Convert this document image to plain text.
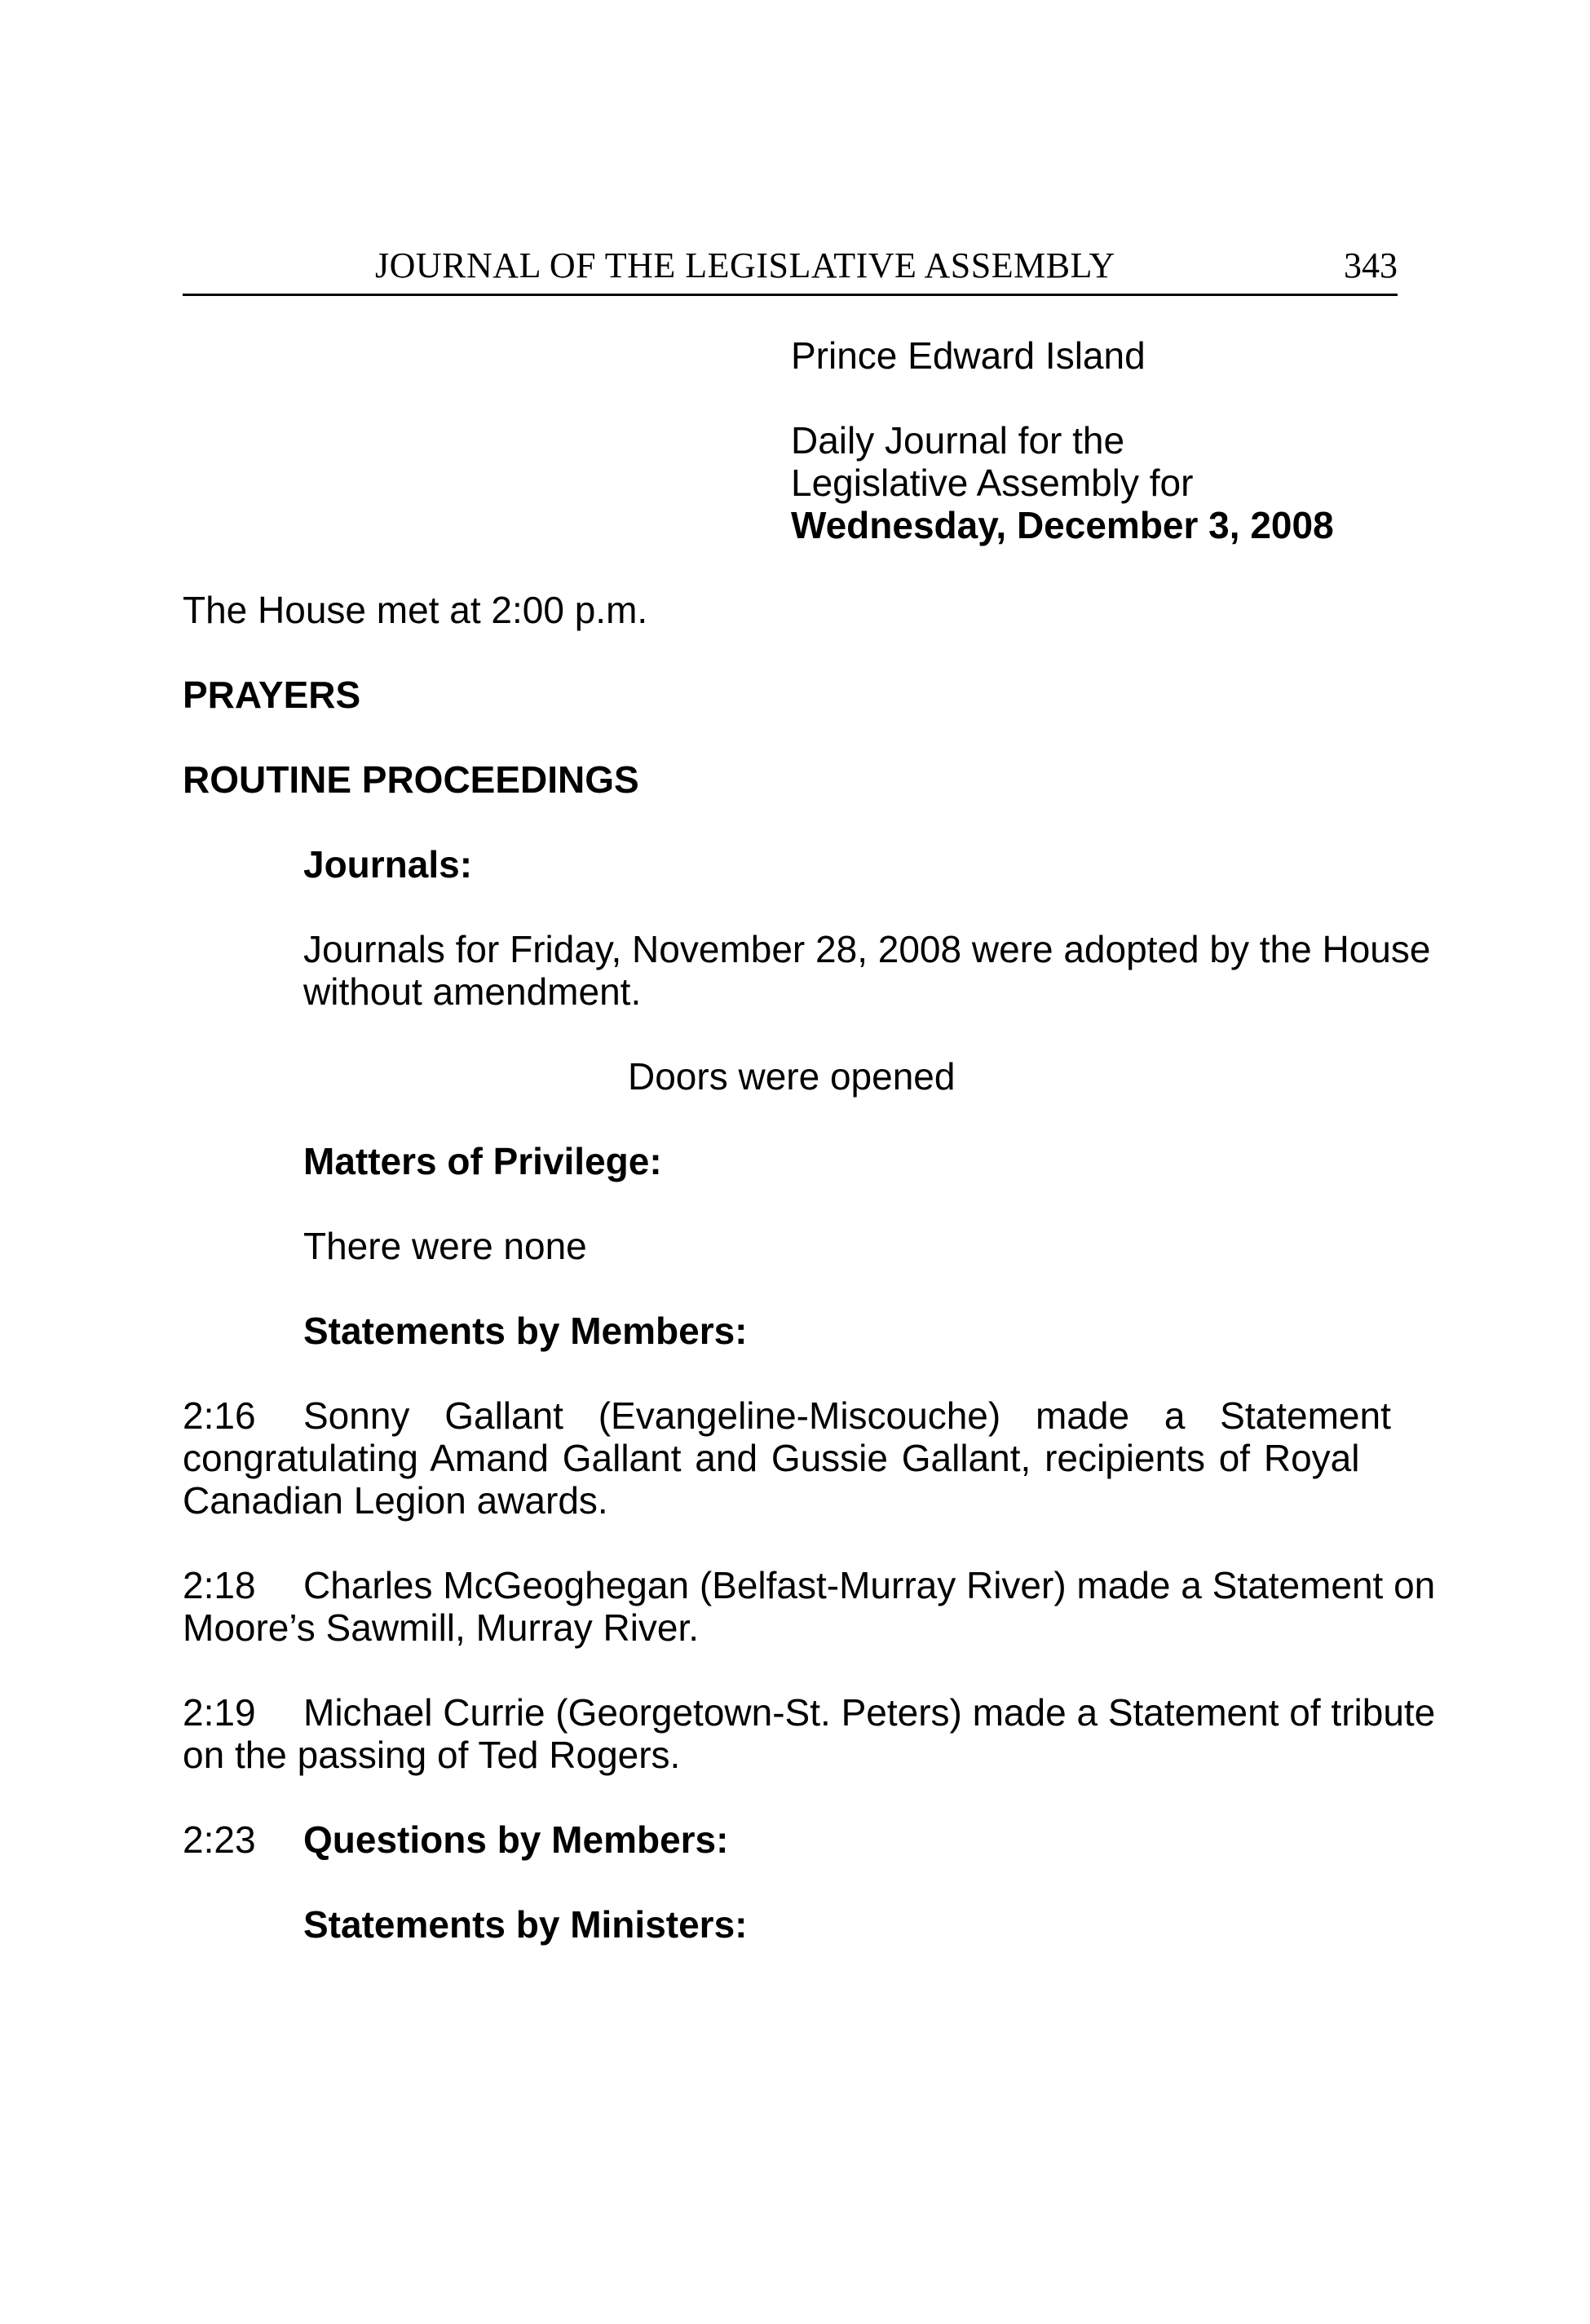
JOURNAL OF THE LEGISLATIVE ASSEMBLY	343
Prince Edward Island
Daily Journal for the
Legislative Assembly for
Wednesday, December 3, 2008
The House met at 2:00 p.m.
PRAYERS
ROUTINE PROCEEDINGS
Journals:
Journals for Friday, November 28, 2008 were adopted by the House
without amendment.
Doors were opened
Matters of Privilege:
There were none
Statements by Members:
2:16 Sonny Gallant (Evangeline-Miscouche) made a Statement
congratulating Amand Gallant and Gussie Gallant, recipients of Royal
Canadian Legion awards.
2:18 Charles McGeoghegan (Belfast-Murray River) made a Statement on
Moore’s Sawmill, Murray River.
2:19 Michael Currie (Georgetown-St. Peters) made a Statement of tribute
on the passing of Ted Rogers.
2:23 Questions by Members:
Statements by Ministers:
